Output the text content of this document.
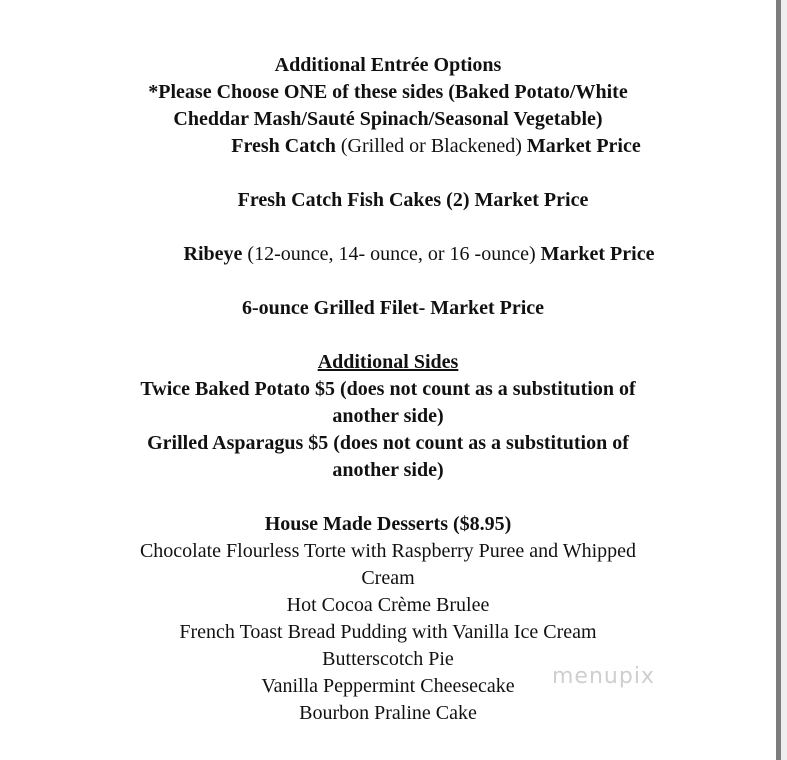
Additional Entrée Options
*Please Choose ONE of these sides (Baked Potato/White
Cheddar Mash/Sauté Spinach/Seasonal Vegetable)
Fresh Catch (Grilled or Blackened) Market Price
Fresh Catch Fish Cakes (2) Market Price
Ribeye (12-ounce, 14- ounce, or 16 -ounce) Market Price
6-ounce Grilled Filet- Market Price
Additional Sides
Twice Baked Potato $5 (does not count as a substitution of
another side)
Grilled Asparagus $5 (does not count as a substitution of
another side)
House Made Desserts ($8.95)
Chocolate Flourless Torte with Raspberry Puree and Whipped
Cream
Hot Cocoa Crème Brulee
French Toast Bread Pudding with Vanilla Ice Cream
Butterscotch Pie
Vanilla Peppermint Cheesecake
Bourbon Praline Cake
menupix
